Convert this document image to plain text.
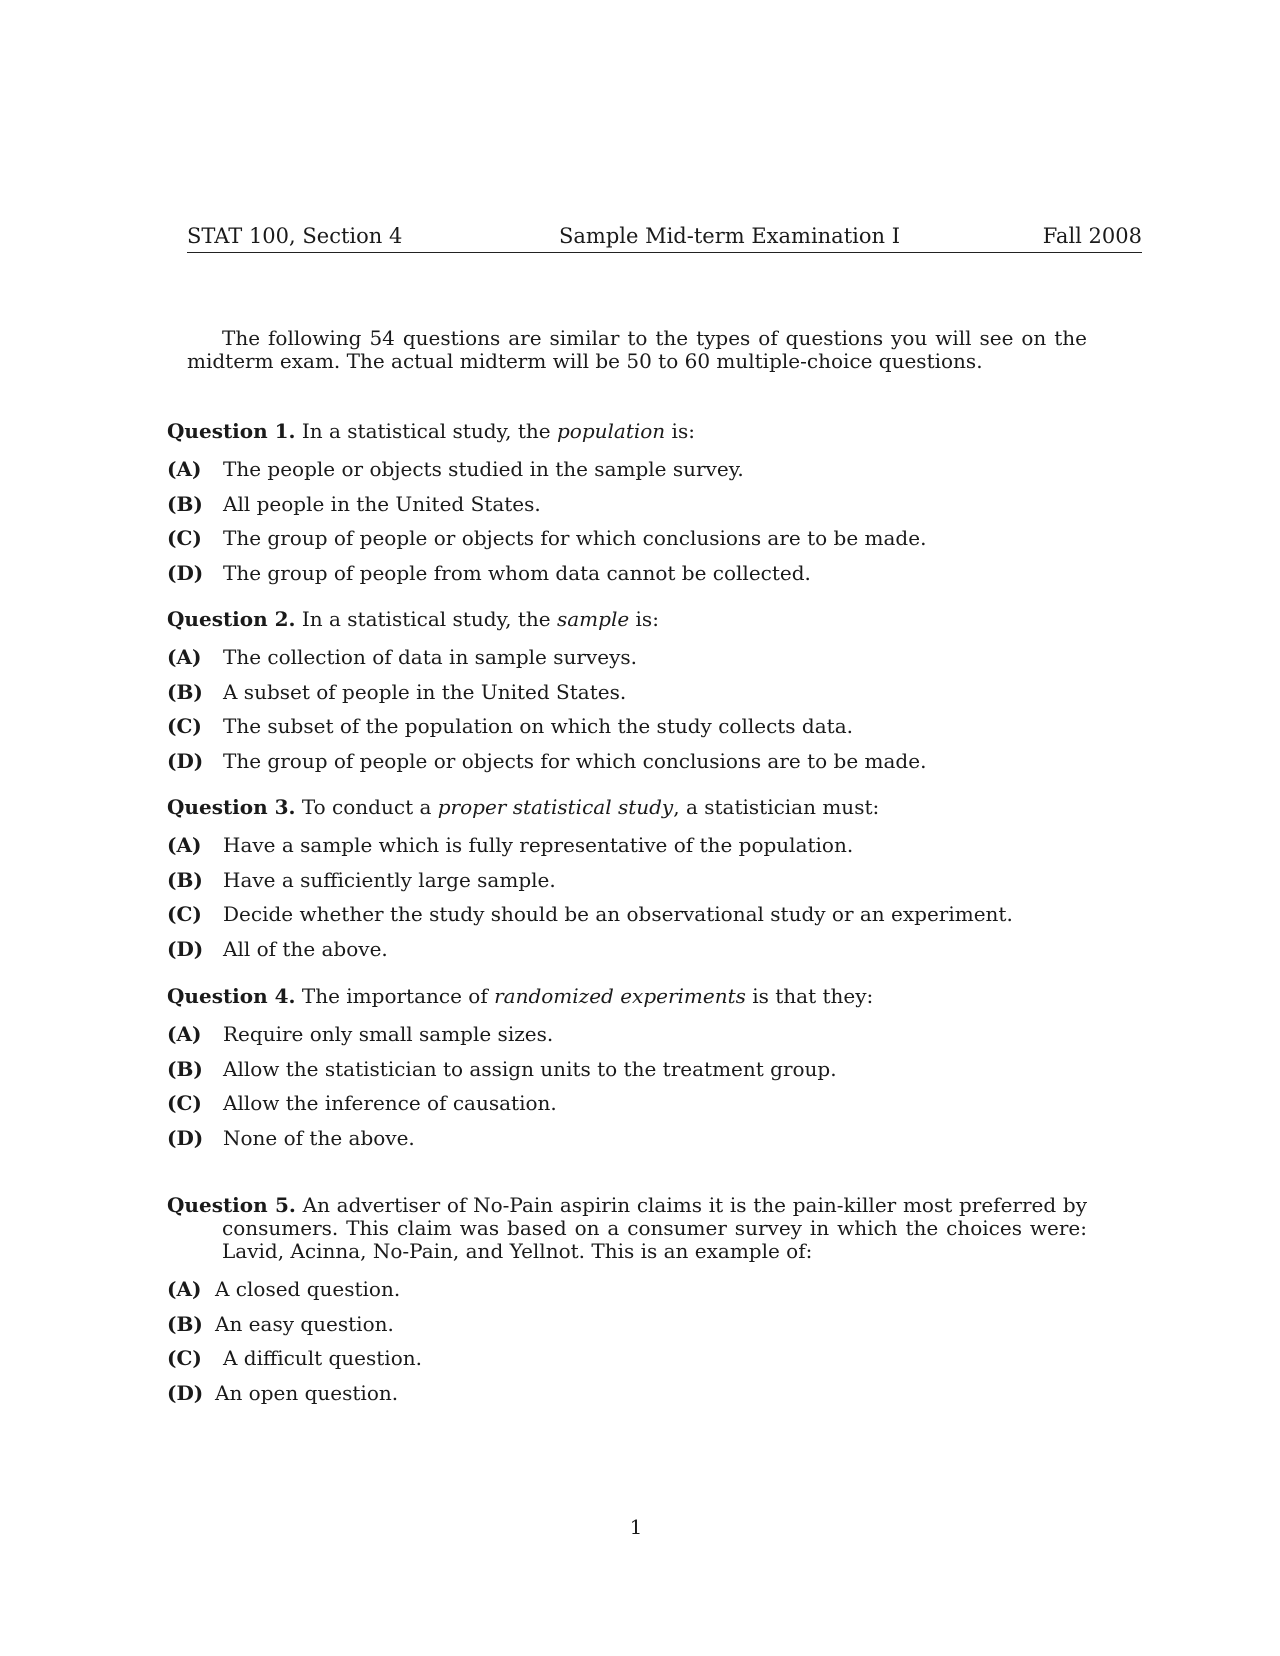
STAT 100, Section 4	Sample Mid-term Examination I	Fall 2008

The following 54 questions are similar to the types of questions you will see on the midterm exam. The actual midterm will be 50 to 60 multiple-choice questions.

Question 1. In a statistical study, the population is:

(A) The people or objects studied in the sample survey.
(B) All people in the United States.
(C) The group of people or objects for which conclusions are to be made.
(D) The group of people from whom data cannot be collected.

Question 2. In a statistical study, the sample is:

(A) The collection of data in sample surveys.
(B) A subset of people in the United States.
(C) The subset of the population on which the study collects data.
(D) The group of people or objects for which conclusions are to be made.

Question 3. To conduct a proper statistical study, a statistician must:

(A) Have a sample which is fully representative of the population.
(B) Have a sufficiently large sample.
(C) Decide whether the study should be an observational study or an experiment.
(D) All of the above.

Question 4. The importance of randomized experiments is that they:

(A) Require only small sample sizes.
(B) Allow the statistician to assign units to the treatment group.
(C) Allow the inference of causation.
(D) None of the above.

Question 5. An advertiser of No-Pain aspirin claims it is the pain-killer most preferred by consumers. This claim was based on a consumer survey in which the choices were: Lavid, Acinna, No-Pain, and Yellnot. This is an example of:

(A) A closed question.
(B) An easy question.
(C) A difficult question.
(D) An open question.
1
